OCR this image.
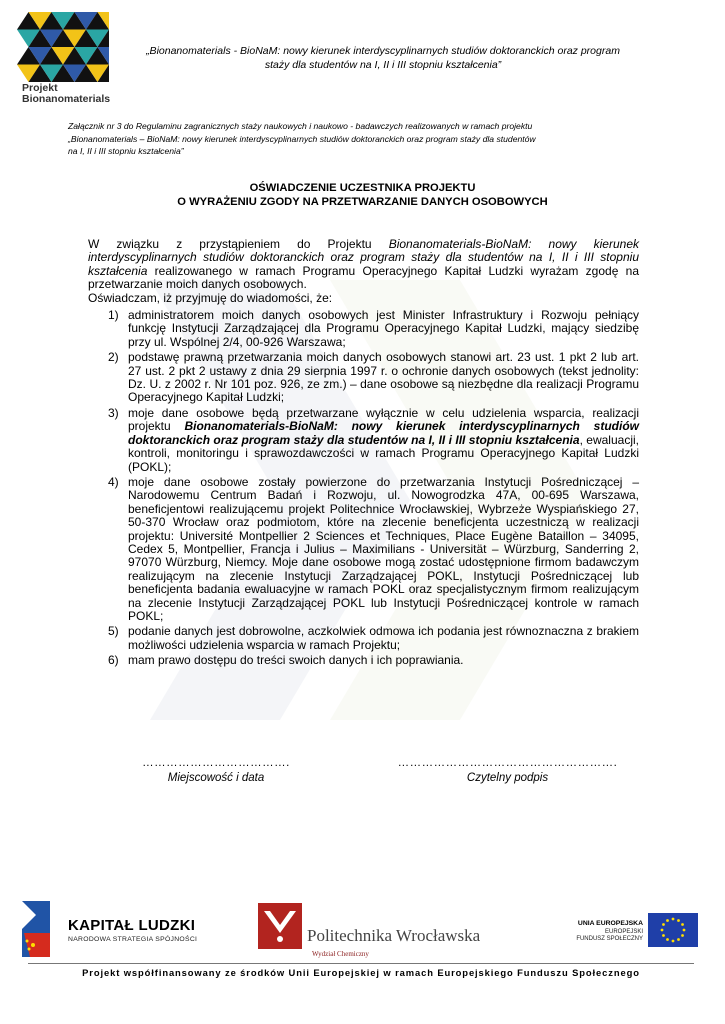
Projekt
Bionanomaterials
„Bionanomaterials - BioNaM: nowy kierunek interdyscyplinarnych studiów doktoranckich oraz program
staży dla studentów na I, II i III stopniu kształcenia”
Załącznik nr 3 do Regulaminu zagranicznych staży naukowych i naukowo - badawczych realizowanych w ramach projektu
„Bionanomaterials – BioNaM: nowy kierunek interdyscyplinarnych studiów doktoranckich oraz program staży dla studentów
na I, II i III stopniu kształcenia”
OŚWIADCZENIE UCZESTNIKA PROJEKTU
O WYRAŻENIU ZGODY NA PRZETWARZANIE DANYCH OSOBOWYCH

W związku z przystąpieniem do Projektu Bionanomaterials-BioNaM: nowy kierunek interdyscyplinarnych studiów doktoranckich oraz program staży dla studentów na I, II i III stopniu kształcenia realizowanego w ramach Programu Operacyjnego Kapitał Ludzki wyrażam zgodę na przetwarzanie moich danych osobowych.

Oświadczam, iż przyjmuję do wiadomości, że:

1) administratorem moich danych osobowych jest Minister Infrastruktury i Rozwoju pełniący funkcję Instytucji Zarządzającej dla Programu Operacyjnego Kapitał Ludzki, mający siedzibę przy ul. Wspólnej 2/4, 00-926 Warszawa;
2) podstawę prawną przetwarzania moich danych osobowych stanowi art. 23 ust. 1 pkt 2 lub art. 27 ust. 2 pkt 2 ustawy z dnia 29 sierpnia 1997 r. o ochronie danych osobowych (tekst jednolity: Dz. U. z 2002 r. Nr 101 poz. 926, ze zm.) – dane osobowe są niezbędne dla realizacji Programu Operacyjnego Kapitał Ludzki;
3) moje dane osobowe będą przetwarzane wyłącznie w celu udzielenia wsparcia, realizacji projektu Bionanomaterials-BioNaM: nowy kierunek interdyscyplinarnych studiów doktoranckich oraz program staży dla studentów na I, II i III stopniu kształcenia, ewaluacji, kontroli, monitoringu i sprawozdawczości w ramach Programu Operacyjnego Kapitał Ludzki (POKL);
4) moje dane osobowe zostały powierzone do przetwarzania Instytucji Pośredniczącej – Narodowemu Centrum Badań i Rozwoju, ul. Nowogrodzka 47A, 00-695 Warszawa, beneficjentowi realizującemu projekt Politechnice Wrocławskiej, Wybrzeże Wyspiańskiego 27, 50-370 Wrocław oraz podmiotom, które na zlecenie beneficjenta uczestniczą w realizacji projektu: Université Montpellier 2 Sciences et Techniques, Place Eugène Bataillon – 34095, Cedex 5, Montpellier, Francja i Julius – Maximilians - Universität – Würzburg, Sanderring 2, 97070 Würzburg, Niemcy. Moje dane osobowe mogą zostać udostępnione firmom badawczym realizującym na zlecenie Instytucji Zarządzającej POKL, Instytucji Pośredniczącej lub beneficjenta badania ewaluacyjne w ramach POKL oraz specjalistycznym firmom realizującym na zlecenie Instytucji Zarządzającej POKL lub Instytucji Pośredniczącej kontrole w ramach POKL;
5) podanie danych jest dobrowolne, aczkolwiek odmowa ich podania jest równoznaczna z brakiem możliwości udzielenia wsparcia w ramach Projektu;
6) mam prawo dostępu do treści swoich danych i ich poprawiania.
……………………………….
Miejscowość i data
……………………………………………….
Czytelny podpis
KAPITAŁ LUDZKI
NARODOWA STRATEGIA SPÓJNOŚCI	Politechnika Wrocławska
Wydział Chemiczny
UNIA EUROPEJSKA
EUROPEJSKI
FUNDUSZ SPOŁECZNY
Projekt współfinansowany ze środków Unii Europejskiej w ramach Europejskiego Funduszu Społecznego
